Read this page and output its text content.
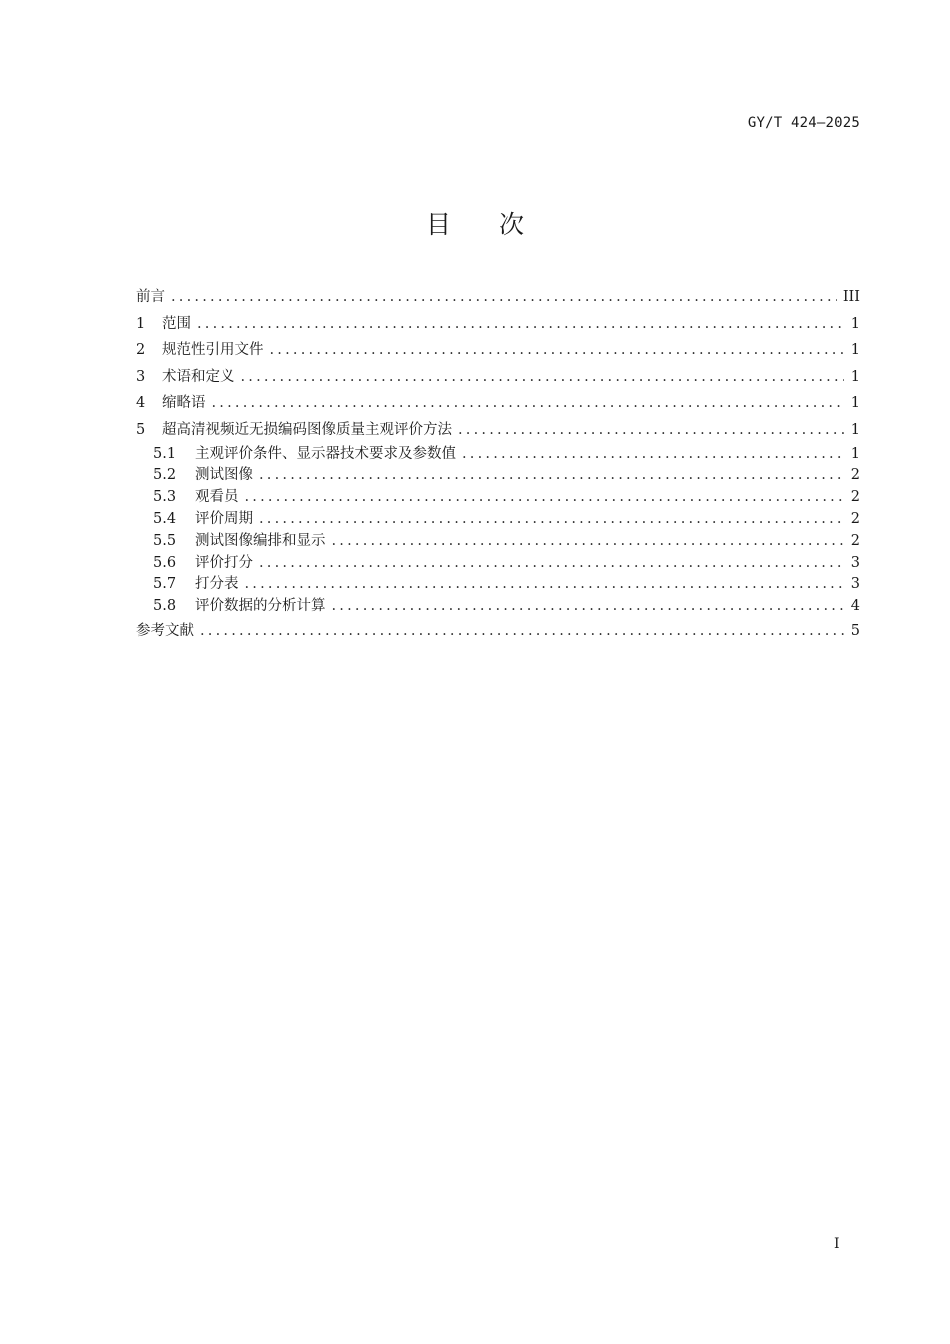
GY/T 424—2025
目 次
前言 .....	III
1	范围 .....	1
2	规范性引用文件 .....	1
3	术语和定义 .....	1
4	缩略语 .....	1
5	超高清视频近无损编码图像质量主观评价方法 .....	1
5.1	主观评价条件、显示器技术要求及参数值 .....	1
5.2	测试图像 .....	2
5.3	观看员 .....	2
5.4	评价周期 .....	2
5.5	测试图像编排和显示 .....	2
5.6	评价打分 .....	3
5.7	打分表 .....	3
5.8	评价数据的分析计算 .....	4
参考文献 .....	5
I
